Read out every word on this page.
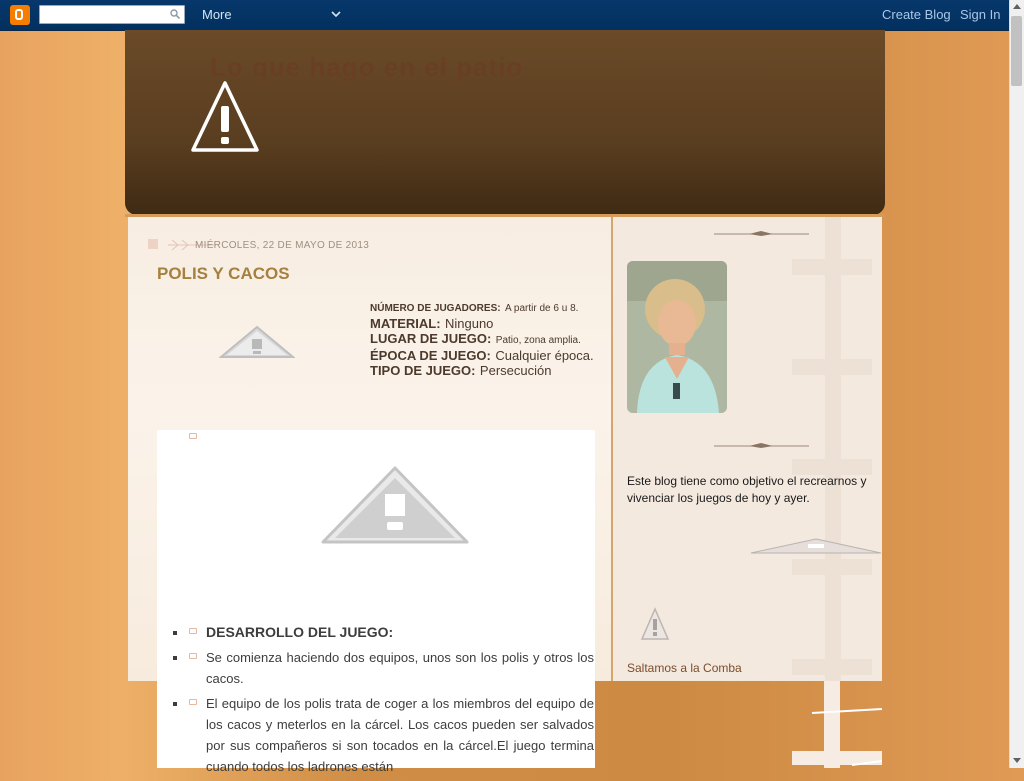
More	Create Blog Sign In
Lo que hago en el patio
MIÉRCOLES, 22 DE MAYO DE 2013
POLIS Y CACOS
NÚMERO DE JUGADORES: A partir de 6 u 8.
MATERIAL: Ninguno
LUGAR DE JUEGO: Patio, zona amplia.
ÉPOCA DE JUEGO: Cualquier época.
TIPO DE JUEGO: Persecución
DESARROLLO DEL JUEGO:
Se comienza haciendo dos equipos, unos son los polis y otros los cacos.
El equipo de los polis trata de coger a los miembros del equipo de los cacos y meterlos en la cárcel. Los cacos pueden ser salvados por sus compañeros si son tocados en la cárcel.El juego termina cuando todos los ladrones están
Este blog tiene como objetivo el recrearnos y vivenciar los juegos de hoy y ayer.
Saltamos a la Comba
